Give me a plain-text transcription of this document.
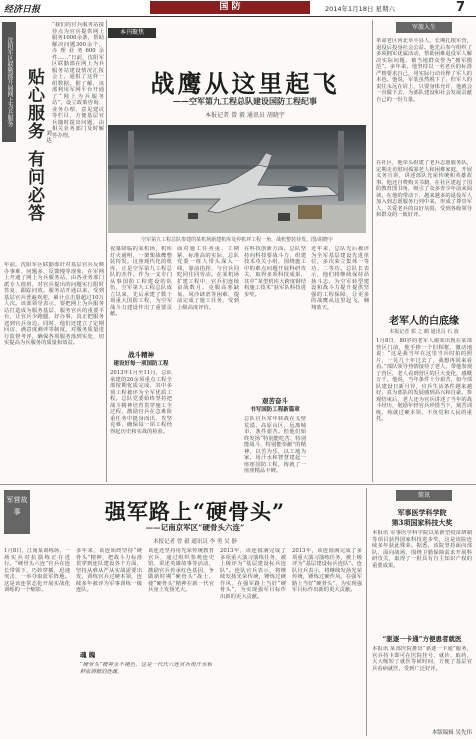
经济日报	国 防	2014年1月18日 星期六	7
沈阳军区联勤部开展网上为兵服务 贴心服务
有问必答
刘 达
“我们的官兵服务站接待点为官兵提供网上服务1000余条，帮助解决问题300余个，办理业务600余件……”日前，沈阳军区联勤部在网上为兵服务站建设情况汇报会上，通报了这样一组数据。据了解，该部利用军网平台开通了“网上为兵服务站”，设立政策咨询、业务办理、意见建议等栏目，方便基层官兵随时提出问题，由相关业务部门及时解答办理。
年前，沈阳军区联勤部针对基层官兵反映办事难、问题多、反馈慢等现象，在军网上开通了网上为兵服务站，由各业务部门派专人值班，对官兵提出的问题实行限时答复、跟踪问效。服务站开通以来，受到基层官兵普遍欢迎，累计点击量超过10万人次。该部领导表示，要把网上为兵服务站打造成为服务基层、服务官兵的重要平台，让官兵少跑腿、好办事，真正把服务送到官兵身边。同时，他们还建立了定期回访、满意度测评等制度，对服务质量进行监督考评，确保各项服务落到实处，切实提高为兵服务的质量和效益。
本刊聚焦
战鹰从这里起飞
——空军第九工程总队建设国防工程纪事
本报记者 曾 毅 通讯员 胡晓宇
空军第九工程总队参建的某机场新建机库及停机坪工程一角，战机整装待发。图/胡晓宇
夜幕降临的某机场，机库灯火通明，一架架战鹰整装待发。这座现代化的机库，正是空军第九工程总队的杰作。作为一支专门从事国防工程建设的队伍，空军第九工程总队成立以来，先后承建了数十项重大国防工程，为空军战斗力建设作出了重要贡献。
战斗精神
建设好每一项国防工程
2013年1月至11月，总队承建的20余项重点工程全部按期优质完成，其中多项工程被评为全军优质工程。总队党委始终坚持把战斗精神培育贯穿施工全过程，激励官兵在急难险重任务中挺身而出，攻坚克难，确保每一项工程经得起历史和实战的检验。
面对施工任务重、工期紧、标准高的实际，总队党委一班人带头深入一线，靠前指挥，与官兵同吃同住同劳动。在某机场扩建工程中，官兵们连续奋战数月，克服高寒缺氧、风沙肆虐等困难，提前完成了施工任务，受到上级高度评价。
在科技创新方面，总队坚持向科技要战斗力，组建技术攻关小组，围绕施工中的难点问题开展科研攻关，取得多项科技成果，其中“某型机库大跨度钢结构施工技术”获军队科技进步奖。
艰苦奋斗
书写国防工程新篇章
总队官兵常年转战在戈壁荒漠、高原山区，远离城市，条件艰苦。但他们始终发扬“特别能吃苦、特别能战斗、特别能奉献”的精神，以苦为乐，以工地为家，用汗水和智慧建起一座座国防工程，铸就了一座座精品丰碑。
近年来，总队先后被评为全军基层建设先进单位，多次荣立集体一等功、二等功。总队长表示，他们将继续保持昂扬斗志，为空军转型建设和战斗力提升提供坚强的工程保障，让更多的战鹰从这里起飞，翱翔蓝天。
军旅人生
革命老区河北阜平县人，长期扎根军营，退役后投身社会公益。他先后参与组织了多项拥军优属活动，帮助困难退役军人解决实际问题，被当地群众誉为“拥军模范”。多年来，他坚持以一名老兵的标准严格要求自己，用实际行动诠释了军人的本色。他说，军装虽然脱下了，但军人的责任永远在肩上，只要身体允许，他就会一直做下去，为部队建设和社会发展贡献自己的一份力量。
在社区，他牵头组建了老兵志愿服务队，定期走访慰问孤寡老人和困难家庭，开展义务宣讲，讲述部队光荣传统和英雄故事。他还自费购买书籍，在社区建起了国防教育图书角，吸引了众多青少年前来阅读。在他的带动下，越来越多的退役军人加入到志愿服务行列中来，形成了尊崇军人、关爱老兵的良好氛围，受到各级领导和群众的一致好评。
老军人的白底缘
本报记者 郭 之 鹤 通讯员 石 波
1月8日，80岁的老军人谢某出现在某部营区门前，他手捧一个旧相框，激动地说：“这是我当年在这里当兵时拍的照片，一晃几十年过去了，我想再回来看看。”部队领导热情接待了老人，带他参观了营区，老人看到营区的巨大变化，感慨万千。他说，当年条件十分艰苦，如今部队建设日新月异，官兵生活条件越来越好，真为部队的发展感到高兴和自豪。参观结束后，老人还为官兵讲述了当年的战斗经历，勉励年轻官兵珍惜当下，刻苦训练，练就过硬本领，不负党和人民的重托。
军营故事	强军路上“硬骨头”
——记南京军区“硬骨头六连”
本报记者 曾 毅 通讯员 李 勇 吴 静
1月8日，江南某训练场，一场实兵对抗演练正在进行。“硬骨头六连”官兵在连长带领下，巧妙穿插、迅速突击，一举夺取蓝军阵地。这是该连常态化开展实战化训练的一个缩影。
多年来，该连始终坚持“硬骨头”精神，把战斗力标准贯穿到连队建设各个方面，坚持从难从严从实战需要出发，训练官兵过硬本领，连续多年被评为军事训练一级连队。
该连还坚持用光荣传统教育官兵，通过组织参观连史馆、讲述英雄故事等活动，激励官兵传承红色基因，争做新时期“硬骨头”战士，使“硬骨头”精神在新一代官兵身上发扬光大。
2013年，该连圆满完成了多项重大演习演练任务，被上级评为“基层建设标兵连队”。连队官兵表示，将继续发扬光荣传统，锤炼过硬作风，在强军路上当好“硬骨头”，为实现强军目标作出新的更大贡献。
魂 魄
“硬骨头”精神永不褪色，这是一代代六连官兵用汗水和鲜血铸就的连魂。
2013年，该连圆满完成了多项重大演习演练任务，被上级评为“基层建设标兵连队”。连队官兵表示，将继续发扬光荣传统，锤炼过硬作风，在强军路上当好“硬骨头”，为实现强军目标作出新的更大贡献。
简讯
军事医学科学院
第3项国家科技大奖
本报讯 军事医学科学院以某新型疫苗研制等项目获得国家科技进步奖，这是该院连续多年获此殊荣。据悉，该院坚持面向部队、面向战场，围绕卫勤保障需求开展科研攻关，取得了一批具有自主知识产权的重要成果。
“驱逐一卡通”方便患者就医
本报讯 某部医院推出“驱逐一卡通”服务，官兵持卡即可在医院挂号、就诊、取药，大大缩短了就医等候时间，方便了基层官兵看病就医，受到广泛好评。
本版编辑 吴先伟
